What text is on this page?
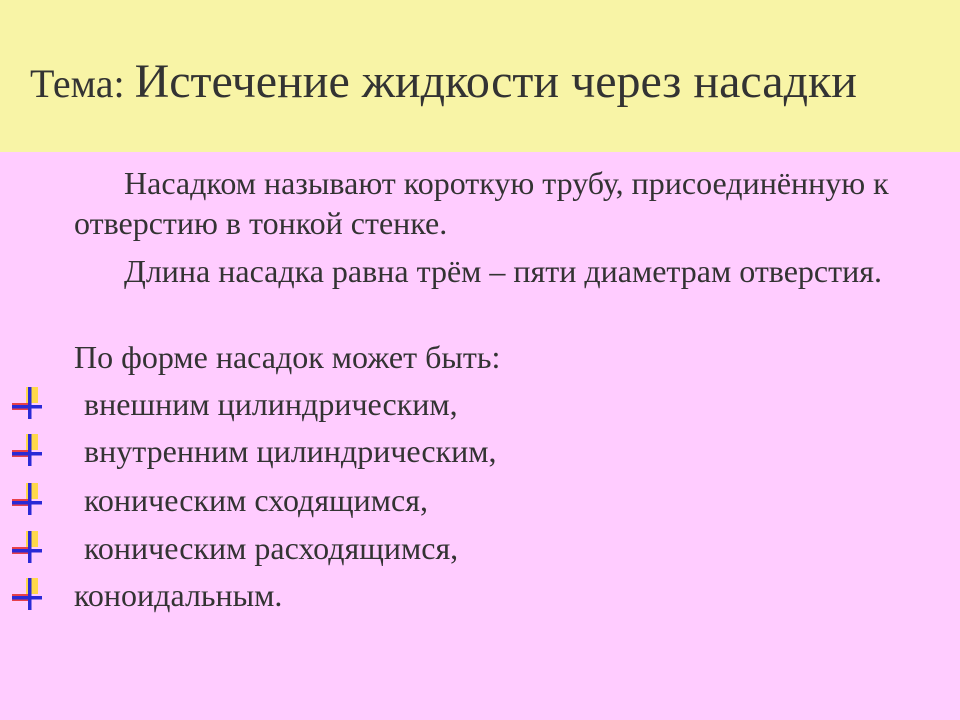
Тема: Истечение жидкости через насадки

Насадком называют короткую трубу, присоединённую к отверстию в тонкой стенке.

Длина насадка равна трём – пяти диаметрам отверстия.

По форме насадок может быть:

внешним цилиндрическим,
внутренним цилиндрическим,
коническим сходящимся,
коническим расходящимся,
коноидальным.
